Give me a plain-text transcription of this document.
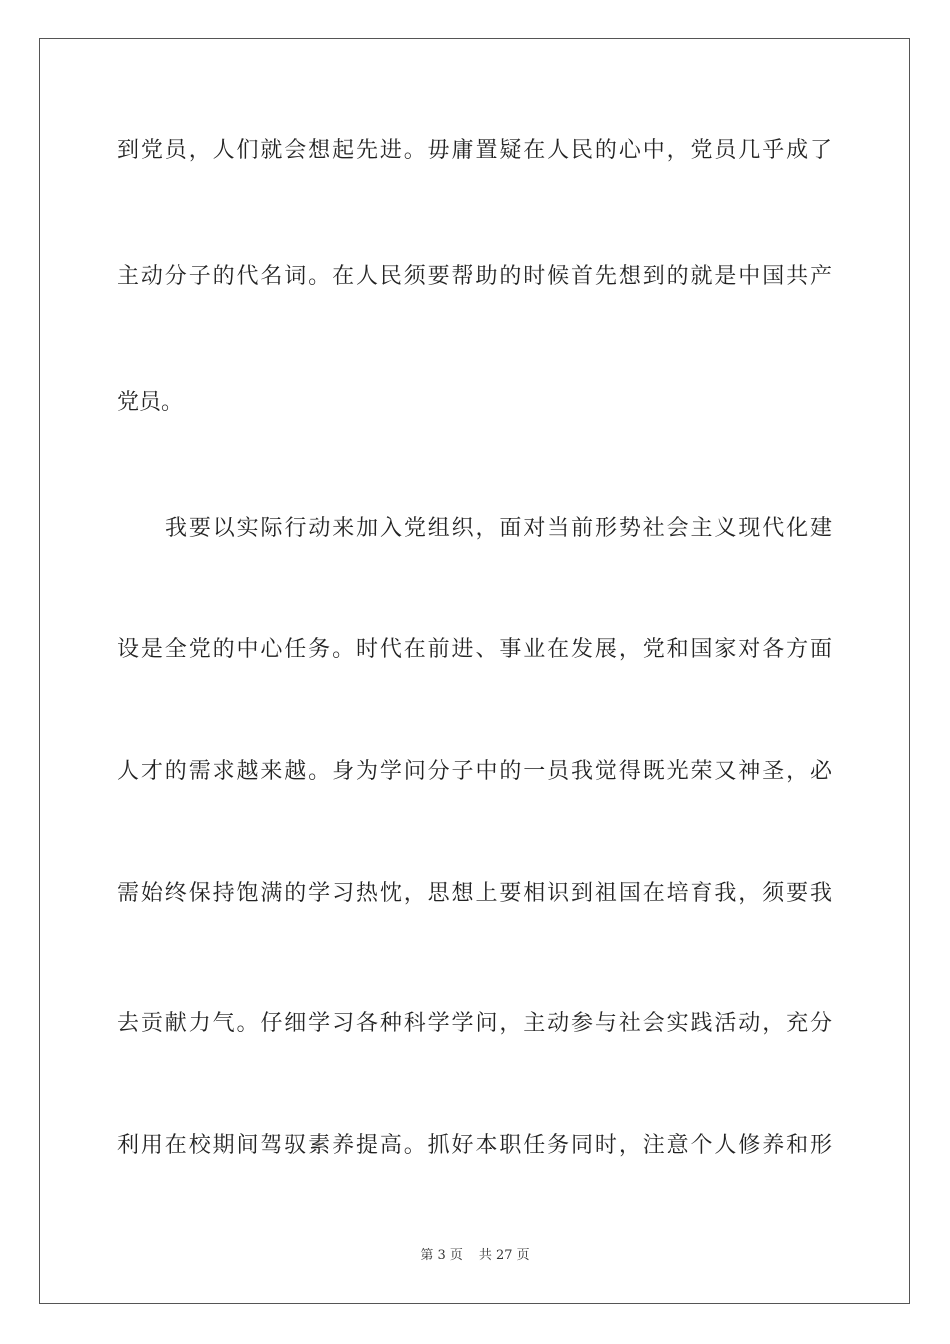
到党员，人们就会想起先进。毋庸置疑在人民的心中，党员几乎成了
主动分子的代名词。在人民须要帮助的时候首先想到的就是中国共产
党员。
我要以实际行动来加入党组织，面对当前形势社会主义现代化建
设是全党的中心任务。时代在前进、事业在发展，党和国家对各方面
人才的需求越来越。身为学问分子中的一员我觉得既光荣又神圣，必
需始终保持饱满的学习热忱，思想上要相识到祖国在培育我，须要我
去贡献力气。仔细学习各种科学学问，主动参与社会实践活动，充分
利用在校期间驾驭素养提高。抓好本职任务同时，注意个人修养和形
第 3 页 共 27 页
